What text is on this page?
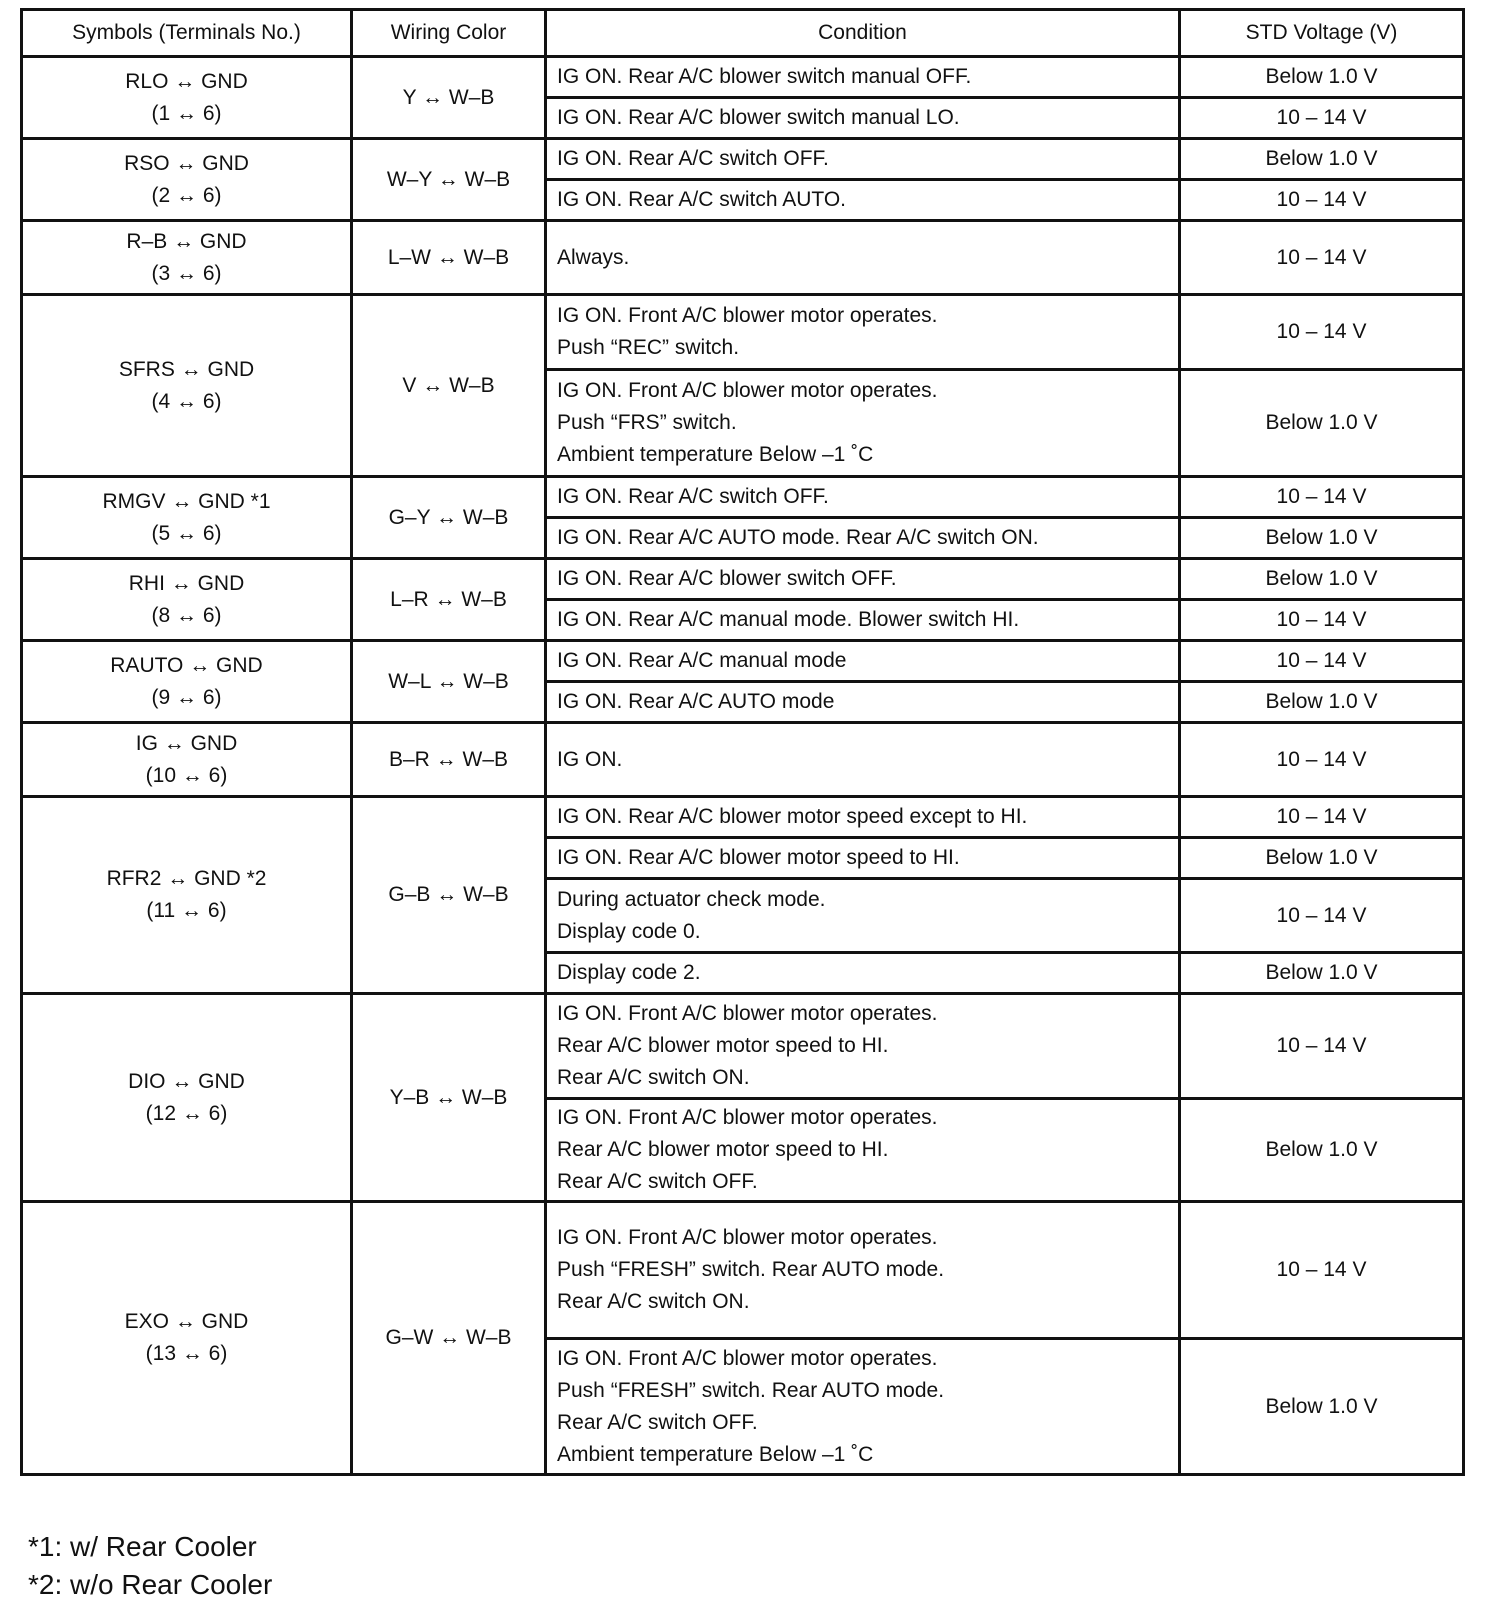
Symbols (Terminals No.)	Wiring Color	Condition	STD Voltage (V)

RLO ↔ GND
(1 ↔ 6)	Y ↔ W–B	IG ON. Rear A/C blower switch manual OFF.	Below 1.0 V

		IG ON. Rear A/C blower switch manual LO.	10 – 14 V

RSO ↔ GND
(2 ↔ 6)	W–Y ↔ W–B	IG ON. Rear A/C switch OFF.	Below 1.0 V

		IG ON. Rear A/C switch AUTO.	10 – 14 V

R–B ↔ GND
(3 ↔ 6)	L–W ↔ W–B	Always.	10 – 14 V

SFRS ↔ GND
(4 ↔ 6)	V ↔ W–B	IG ON. Front A/C blower motor operates.
Push “REC” switch.	10 – 14 V

		IG ON. Front A/C blower motor operates.
Push “FRS” switch.
Ambient temperature Below –1 ˚C	Below 1.0 V

RMGV ↔ GND *1
(5 ↔ 6)	G–Y ↔ W–B	IG ON. Rear A/C switch OFF.	10 – 14 V

		IG ON. Rear A/C AUTO mode. Rear A/C switch ON.	Below 1.0 V

RHI ↔ GND
(8 ↔ 6)	L–R ↔ W–B	IG ON. Rear A/C blower switch OFF.	Below 1.0 V

		IG ON. Rear A/C manual mode. Blower switch HI.	10 – 14 V

RAUTO ↔ GND
(9 ↔ 6)	W–L ↔ W–B	IG ON. Rear A/C manual mode	10 – 14 V

		IG ON. Rear A/C AUTO mode	Below 1.0 V

IG ↔ GND
(10 ↔ 6)	B–R ↔ W–B	IG ON.	10 – 14 V

RFR2 ↔ GND *2
(11 ↔ 6)	G–B ↔ W–B	IG ON. Rear A/C blower motor speed except to HI.	10 – 14 V

		IG ON. Rear A/C blower motor speed to HI.	Below 1.0 V

		During actuator check mode.
Display code 0.	10 – 14 V

		Display code 2.	Below 1.0 V

DIO ↔ GND
(12 ↔ 6)	Y–B ↔ W–B	IG ON. Front A/C blower motor operates.
Rear A/C blower motor speed to HI.
Rear A/C switch ON.	10 – 14 V

		IG ON. Front A/C blower motor operates.
Rear A/C blower motor speed to HI.
Rear A/C switch OFF.	Below 1.0 V

EXO ↔ GND
(13 ↔ 6)	G–W ↔ W–B	IG ON. Front A/C blower motor operates.
Push “FRESH” switch. Rear AUTO mode.
Rear A/C switch ON.	10 – 14 V

		IG ON. Front A/C blower motor operates.
Push “FRESH” switch. Rear AUTO mode.
Rear A/C switch OFF.
Ambient temperature Below –1 ˚C	Below 1.0 V
*1: w/ Rear Cooler
*2: w/o Rear Cooler
